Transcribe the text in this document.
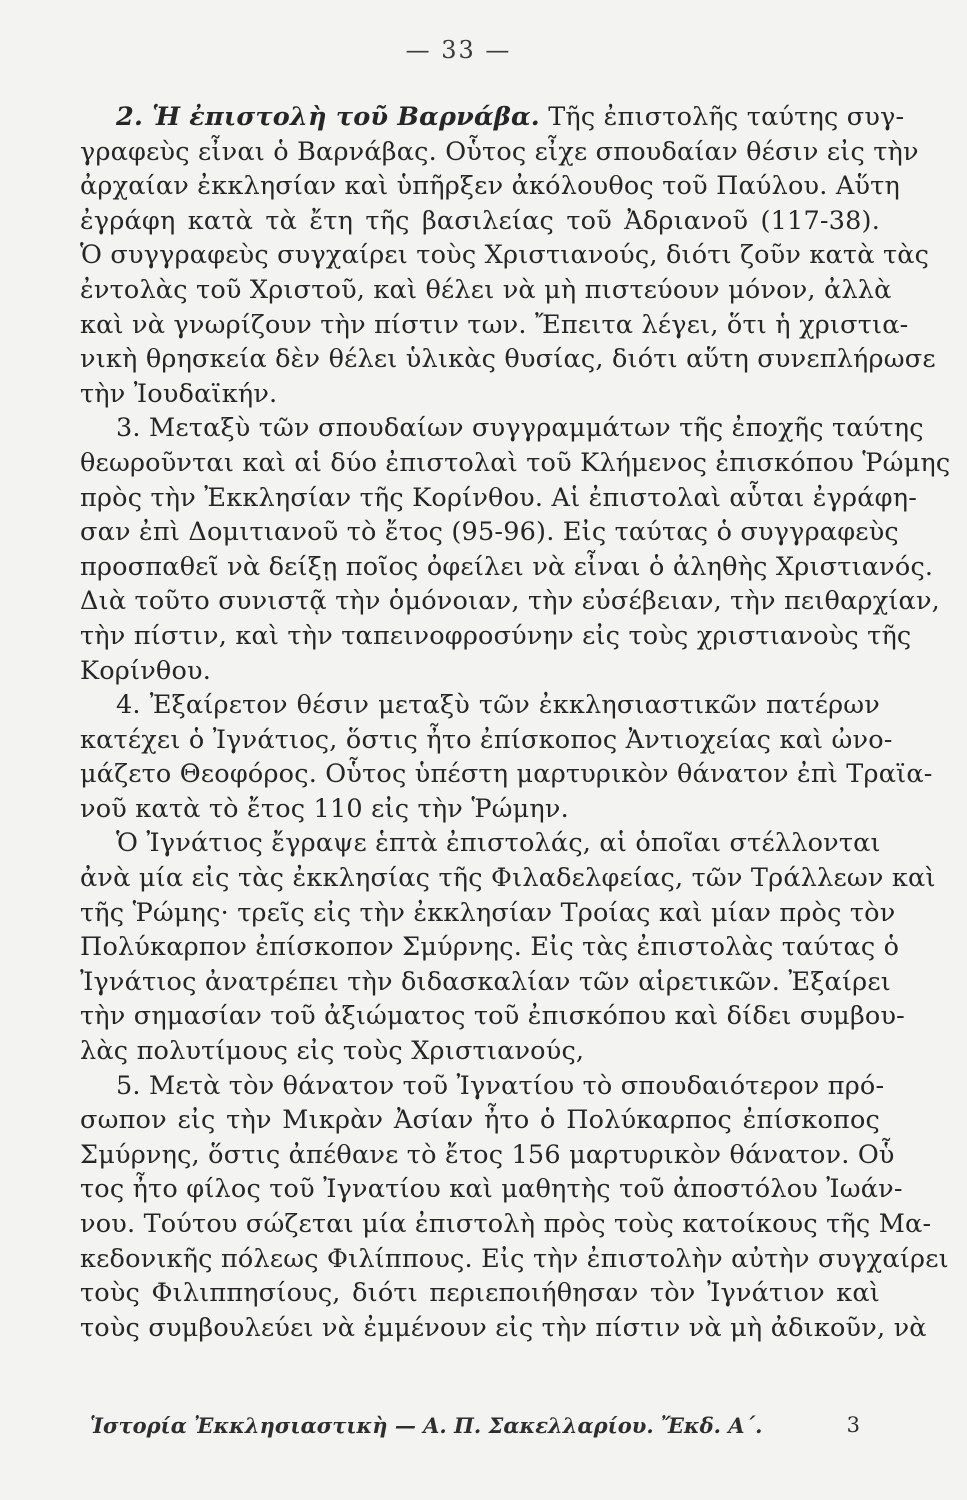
— 33 —
2. Ἡ ἐπιστολὴ τοῦ Βαρνάβα. Τῆς ἐπιστολῆς ταύτης συγ-
γραφεὺς εἶναι ὁ Βαρνάβας. Οὗτος εἶχε σπουδαίαν θέσιν εἰς τὴν
ἀρχαίαν ἐκκλησίαν καὶ ὑπῆρξεν ἀκόλουθος τοῦ Παύλου. Αὕτη
ἐγράφη κατὰ τὰ ἔτη τῆς βασιλείας τοῦ Ἀδριανοῦ (117-38).
Ὁ συγγραφεὺς συγχαίρει τοὺς Χριστιανούς, διότι ζοῦν κατὰ τὰς
ἐντολὰς τοῦ Χριστοῦ, καὶ θέλει νὰ μὴ πιστεύουν μόνον, ἀλλὰ
καὶ νὰ γνωρίζουν τὴν πίστιν των. Ἔπειτα λέγει, ὅτι ἡ χριστια-
νικὴ θρησκεία δὲν θέλει ὑλικὰς θυσίας, διότι αὕτη συνεπλήρωσε
τὴν Ἰουδαϊκήν.
3. Μεταξὺ τῶν σπουδαίων συγγραμμάτων τῆς ἐποχῆς ταύτης
θεωροῦνται καὶ αἱ δύο ἐπιστολαὶ τοῦ Κλήμενος ἐπισκόπου Ῥώμης
πρὸς τὴν Ἐκκλησίαν τῆς Κορίνθου. Αἱ ἐπιστολαὶ αὗται ἐγράφη-
σαν ἐπὶ Δομιτιανοῦ τὸ ἔτος (95-96). Εἰς ταύτας ὁ συγγραφεὺς
προσπαθεῖ νὰ δείξῃ ποῖος ὀφείλει νὰ εἶναι ὁ ἀληθὴς Χριστιανός.
Διὰ τοῦτο συνιστᾷ τὴν ὁμόνοιαν, τὴν εὐσέβειαν, τὴν πειθαρχίαν,
τὴν πίστιν, καὶ τὴν ταπεινοφροσύνην εἰς τοὺς χριστιανοὺς τῆς
Κορίνθου.
4. Ἐξαίρετον θέσιν μεταξὺ τῶν ἐκκλησιαστικῶν πατέρων
κατέχει ὁ Ἰγνάτιος, ὅστις ἦτο ἐπίσκοπος Ἀντιοχείας καὶ ὠνο-
μάζετο Θεοφόρος. Οὗτος ὑπέστη μαρτυρικὸν θάνατον ἐπὶ Τραϊα-
νοῦ κατὰ τὸ ἔτος 110 εἰς τὴν Ῥώμην.
Ὁ Ἰγνάτιος ἔγραψε ἑπτὰ ἐπιστολάς, αἱ ὁποῖαι στέλλονται
ἀνὰ μία εἰς τὰς ἐκκλησίας τῆς Φιλαδελφείας, τῶν Τράλλεων καὶ
τῆς Ῥώμης· τρεῖς εἰς τὴν ἐκκλησίαν Τροίας καὶ μίαν πρὸς τὸν
Πολύκαρπον ἐπίσκοπον Σμύρνης. Εἰς τὰς ἐπιστολὰς ταύτας ὁ
Ἰγνάτιος ἀνατρέπει τὴν διδασκαλίαν τῶν αἱρετικῶν. Ἐξαίρει
τὴν σημασίαν τοῦ ἀξιώματος τοῦ ἐπισκόπου καὶ δίδει συμβου-
λὰς πολυτίμους εἰς τοὺς Χριστιανούς,
5. Μετὰ τὸν θάνατον τοῦ Ἰγνατίου τὸ σπουδαιότερον πρό-
σωπον εἰς τὴν Μικρὰν Ἀσίαν ἦτο ὁ Πολύκαρπος ἐπίσκοπος
Σμύρνης, ὅστις ἀπέθανε τὸ ἔτος 156 μαρτυρικὸν θάνατον. Οὗ
τος ἦτο φίλος τοῦ Ἰγνατίου καὶ μαθητὴς τοῦ ἀποστόλου Ἰωάν-
νου. Τούτου σώζεται μία ἐπιστολὴ πρὸς τοὺς κατοίκους τῆς Μα-
κεδονικῆς πόλεως Φιλίππους. Εἰς τὴν ἐπιστολὴν αὐτὴν συγχαίρει
τοὺς Φιλιππησίους, διότι περιεποιήθησαν τὸν Ἰγνάτιον καὶ
τοὺς συμβουλεύει νὰ ἐμμένουν εἰς τὴν πίστιν νὰ μὴ ἀδικοῦν, νὰ
Ἱστορία Ἐκκλησιαστικὴ — Α. Π. Σακελλαρίου. Ἔκδ. Α΄.	3
